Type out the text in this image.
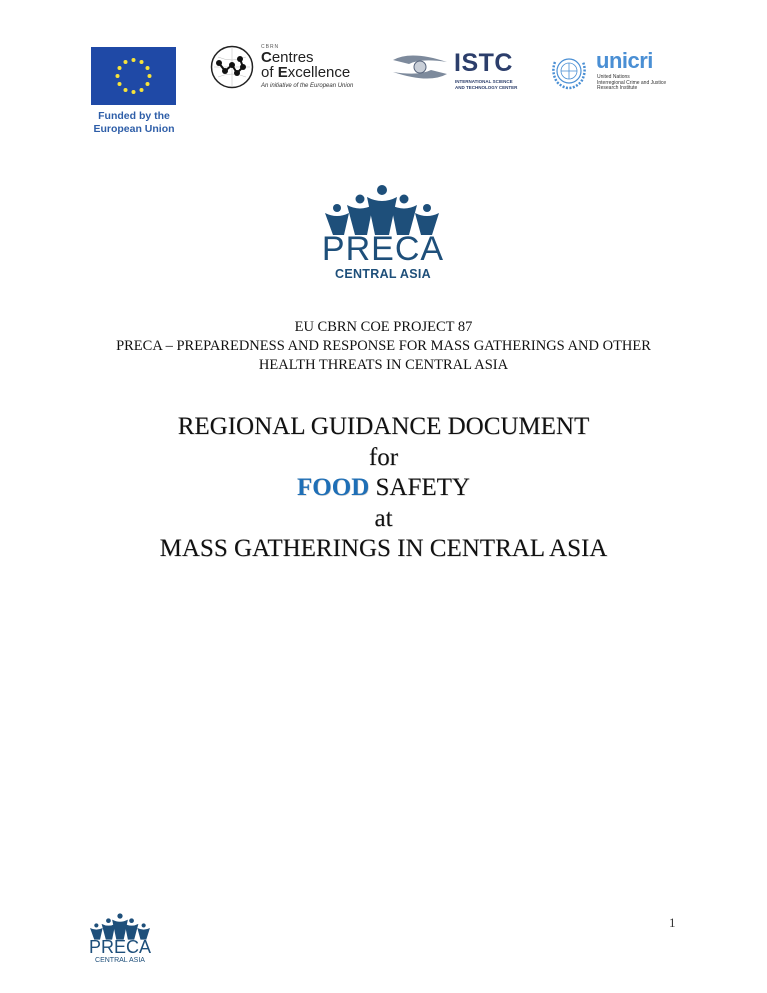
Funded by the
European Union
CBRN
Centres
of Excellence
An initiative of the European Union
ISTC
INTERNATIONAL SCIENCE
AND TECHNOLOGY CENTER
unicri
United Nations
Interregional Crime and Justice
Research Institute
PRECA
CENTRAL ASIA
EU CBRN COE PROJECT 87
PRECA – PREPAREDNESS AND RESPONSE FOR MASS GATHERINGS AND OTHER
HEALTH THREATS IN CENTRAL ASIA
REGIONAL GUIDANCE DOCUMENT
for
FOOD SAFETY
at
MASS GATHERINGS IN CENTRAL ASIA
PRECA
CENTRAL ASIA
1
